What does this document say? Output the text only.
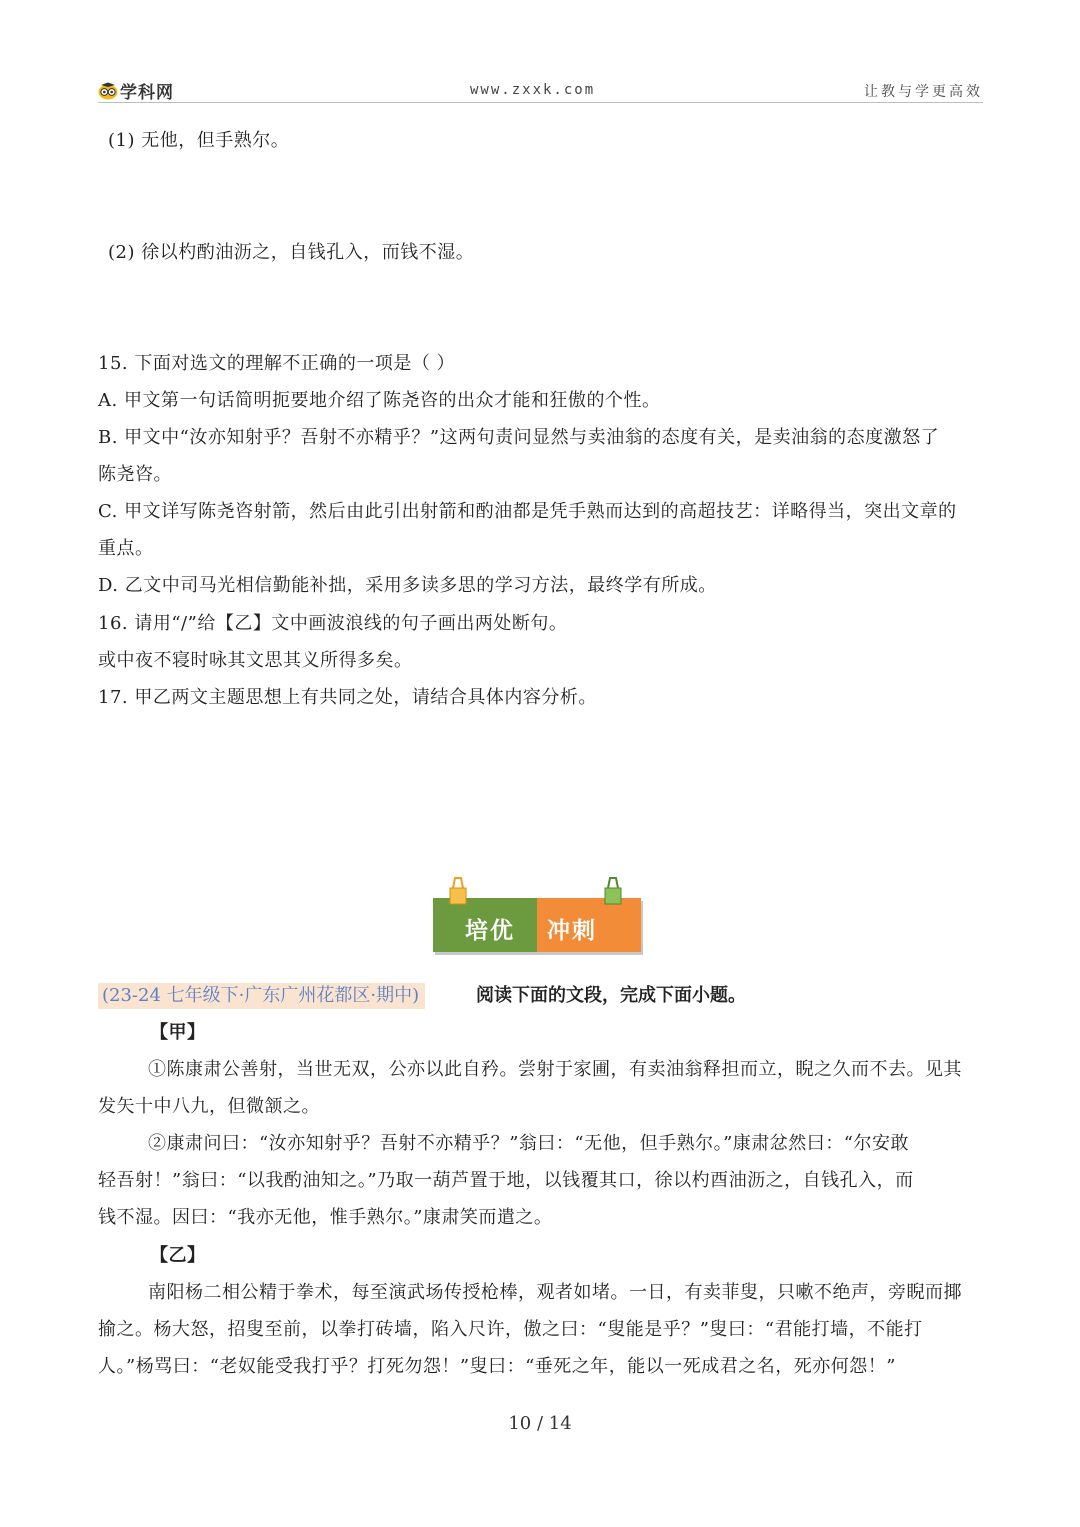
学科网	www.zxxk.com	让教与学更高效
(1) 无他，但手熟尔。
(2) 徐以杓酌油沥之，自钱孔入，而钱不湿。
15. 下面对选文的理解不正确的一项是（ ）
A. 甲文第一句话简明扼要地介绍了陈尧咨的出众才能和狂傲的个性。
B. 甲文中“汝亦知射乎？吾射不亦精乎？”这两句责问显然与卖油翁的态度有关，是卖油翁的态度激怒了
陈尧咨。
C. 甲文详写陈尧咨射箭，然后由此引出射箭和酌油都是凭手熟而达到的高超技艺：详略得当，突出文章的
重点。
D. 乙文中司马光相信勤能补拙，采用多读多思的学习方法，最终学有所成。
16. 请用“/”给【乙】文中画波浪线的句子画出两处断句。
或中夜不寝时咏其文思其义所得多矣。
17. 甲乙两文主题思想上有共同之处，请结合具体内容分析。
培优 冲刺
(23-24 七年级下·广东广州花都区·期中)	阅读下面的文段，完成下面小题。
【甲】
①陈康肃公善射，当世无双，公亦以此自矜。尝射于家圃，有卖油翁释担而立，睨之久而不去。见其
发矢十中八九，但微颔之。
②康肃问曰：“汝亦知射乎？吾射不亦精乎？”翁曰：“无他，但手熟尔。”康肃忿然曰：“尔安敢
轻吾射！”翁曰：“以我酌油知之。”乃取一葫芦置于地，以钱覆其口，徐以杓酉油沥之，自钱孔入，而
钱不湿。因曰：“我亦无他，惟手熟尔。”康肃笑而遣之。
【乙】
南阳杨二相公精于拳术，每至演武场传授枪棒，观者如堵。一日，有卖菲叟，只嗽不绝声，旁睨而揶
揄之。杨大怒，招叟至前，以拳打砖墙，陷入尺许，傲之曰：“叟能是乎？”叟曰：“君能打墙，不能打
人。”杨骂曰：“老奴能受我打乎？打死勿怨！”叟曰：“垂死之年，能以一死成君之名，死亦何怨！”
10 / 14
